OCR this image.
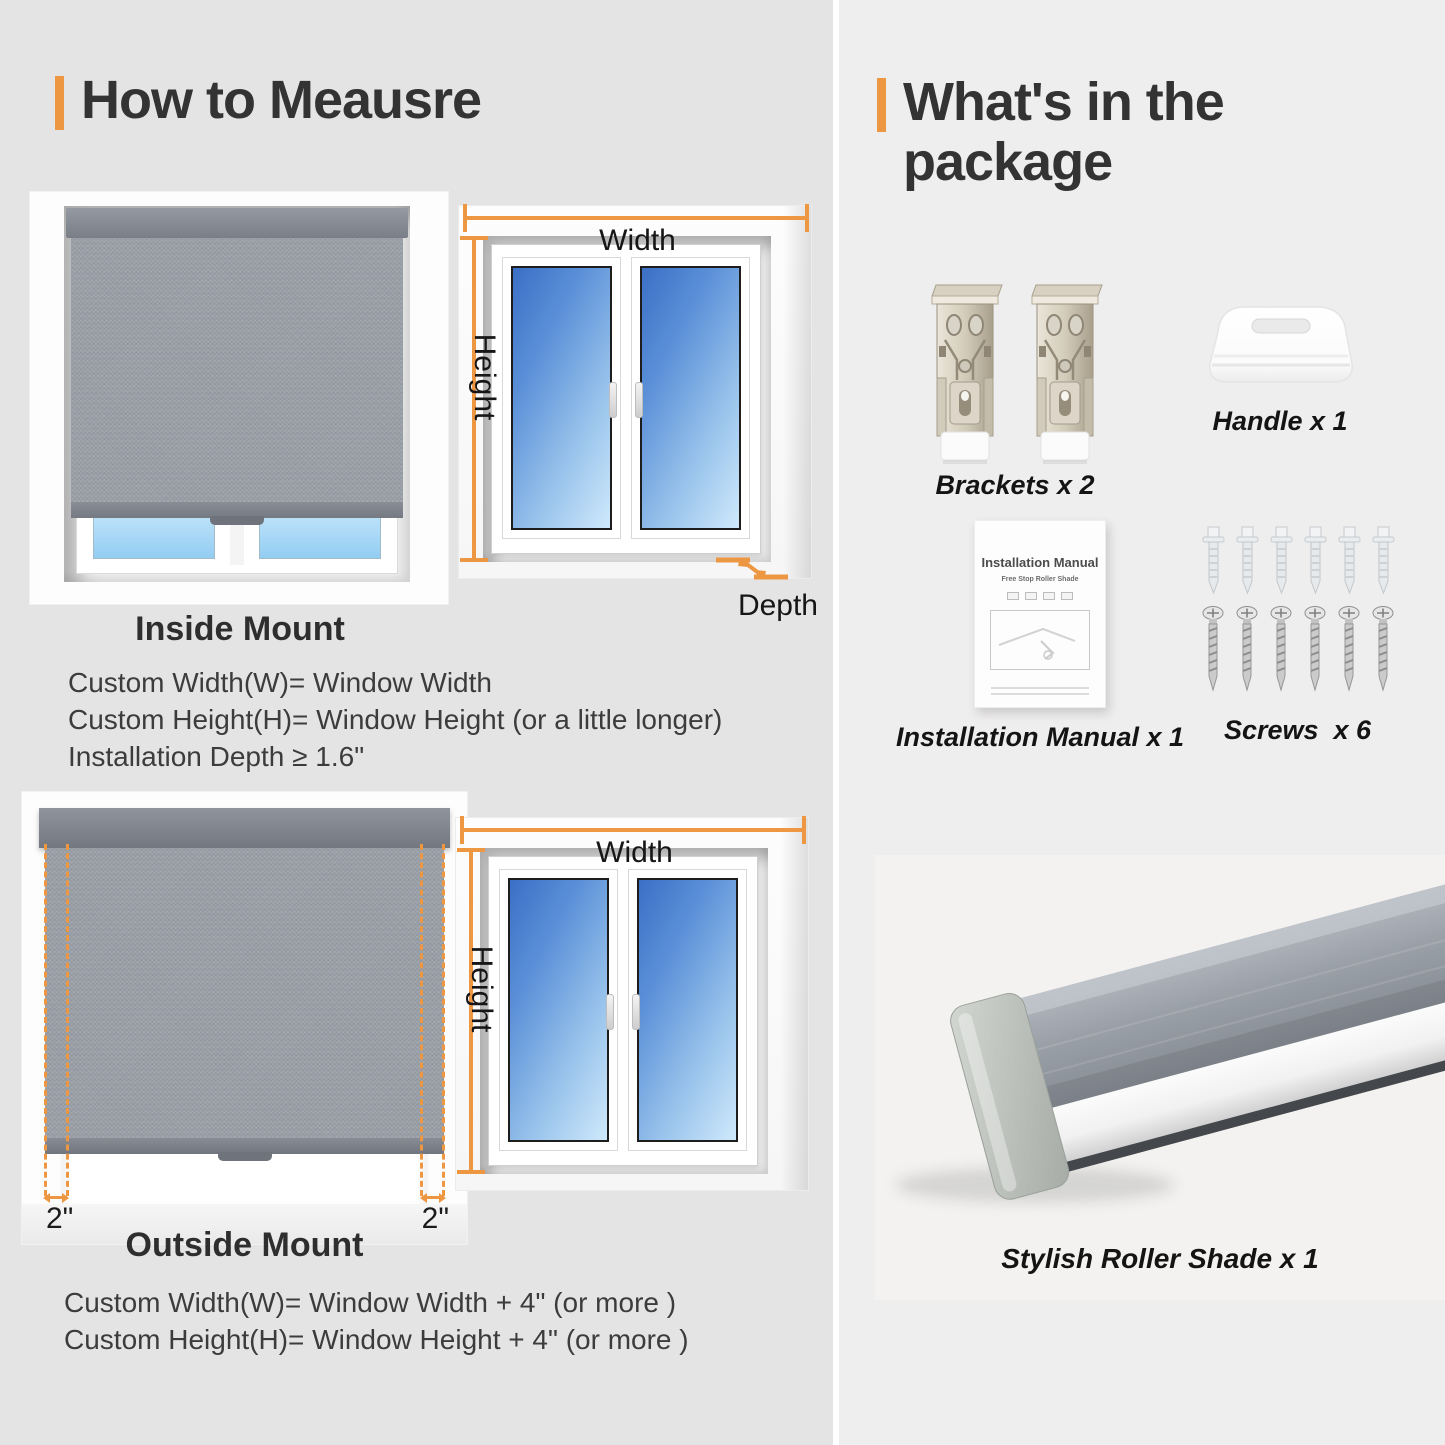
How to Meausre
Width
Height
Depth
Inside Mount
Custom Width(W)= Window Width
Custom Height(H)= Window Height (or a little longer)
Installation Depth ≥ 1.6"
2"	2"
Width
Height
Outside Mount
Custom Width(W)= Window Width + 4" (or more )
Custom Height(H)= Window Height + 4" (or more )
What's in the package
Brackets x 2
Handle x 1
Installation Manual
Free Stop Roller Shade
Installation Manual x 1 Screws  x 6
Stylish Roller Shade x 1
